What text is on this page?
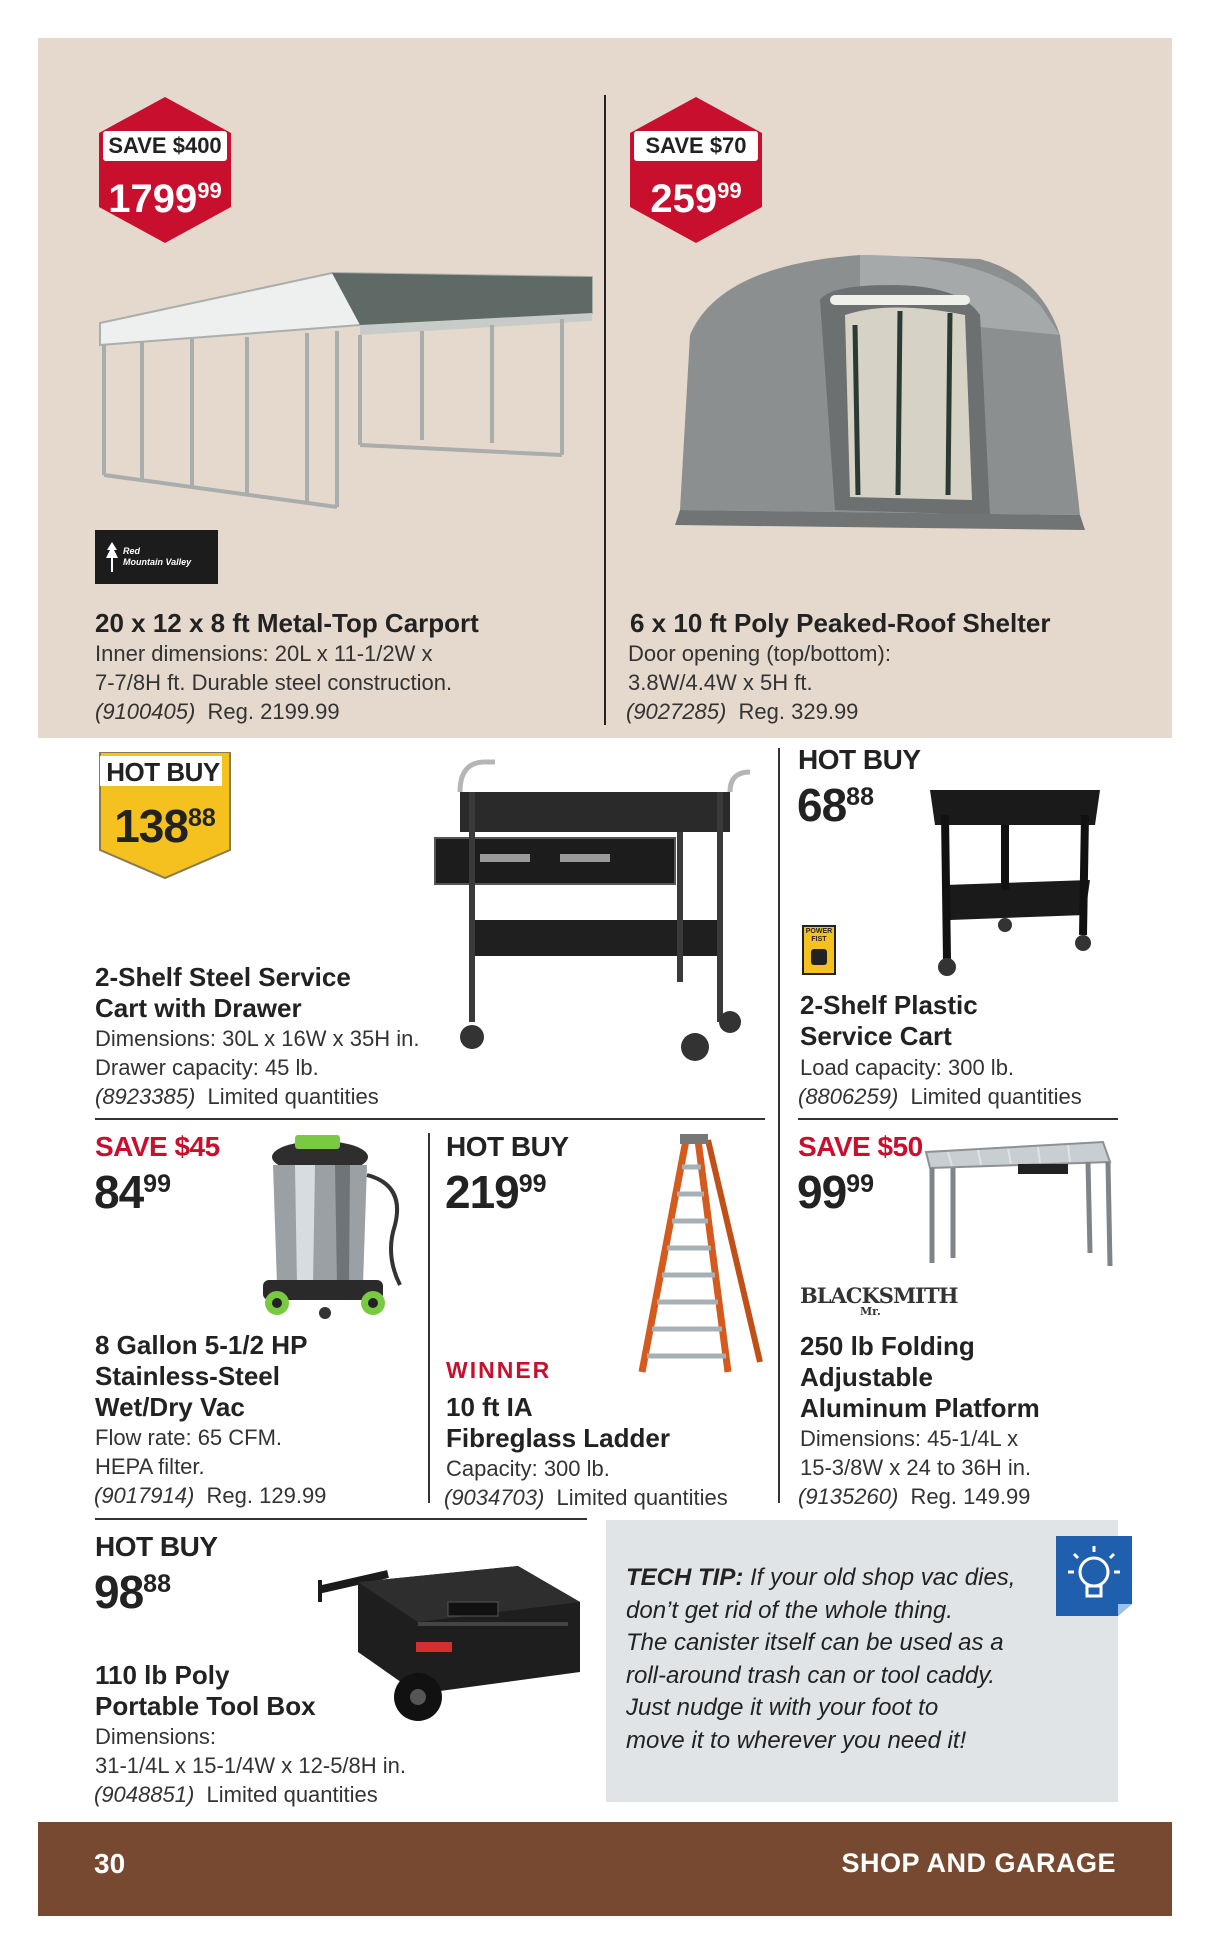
SAVE $400
1799$^{99}$
Red
Mountain Valley
20 x 12 x 8 ft Metal-Top Carport
Inner dimensions: 20L x 11-1/2W x
7-7/8H ft. Durable steel construction.
(9100405) Reg. 2199.99
SAVE $70
$259^{99}$
6 x 10 ft Poly Peaked-Roof Shelter
Door opening (top/bottom):
3.8W/4.4W x 5H ft.
(9027285) Reg. 329.99
HOT BUY
$138^{88}$
2-Shelf Steel Service
Cart with Drawer
Dimensions: 30L x 16W x 35H in.
Drawer capacity: 45 lb.
(8923385) Limited quantities
HOT BUY
$68^{88}$
POWER
FIST
2-Shelf Plastic
Service Cart
Load capacity: 300 lb.
(8806259) Limited quantities
SAVE $45
$84^{99}$
8 Gallon 5-1/2 HP
Stainless-Steel
Wet/Dry Vac
Flow rate: 65 CFM.
HEPA filter.
(9017914) Reg. 129.99
HOT BUY
$219^{99}$
WINNER
10 ft IA
Fibreglass Ladder
Capacity: 300 lb.
(9034703) Limited quantities
SAVE $50
$99^{99}$
BLACKSMITH
Mr.
250 lb Folding
Adjustable
Aluminum Platform
Dimensions: 45-1/4L x
15-3/8W x 24 to 36H in.
(9135260) Reg. 149.99
HOT BUY
$98^{88}$
110 lb Poly
Portable Tool Box
Dimensions:
31-1/4L x 15-1/4W x 12-5/8H in.
(9048851) Limited quantities
TECH TIP: If your old shop vac dies,
don’t get rid of the whole thing.
The canister itself can be used as a
roll-around trash can or tool caddy.
Just nudge it with your foot to
move it to wherever you need it!
30	SHOP AND GARAGE
